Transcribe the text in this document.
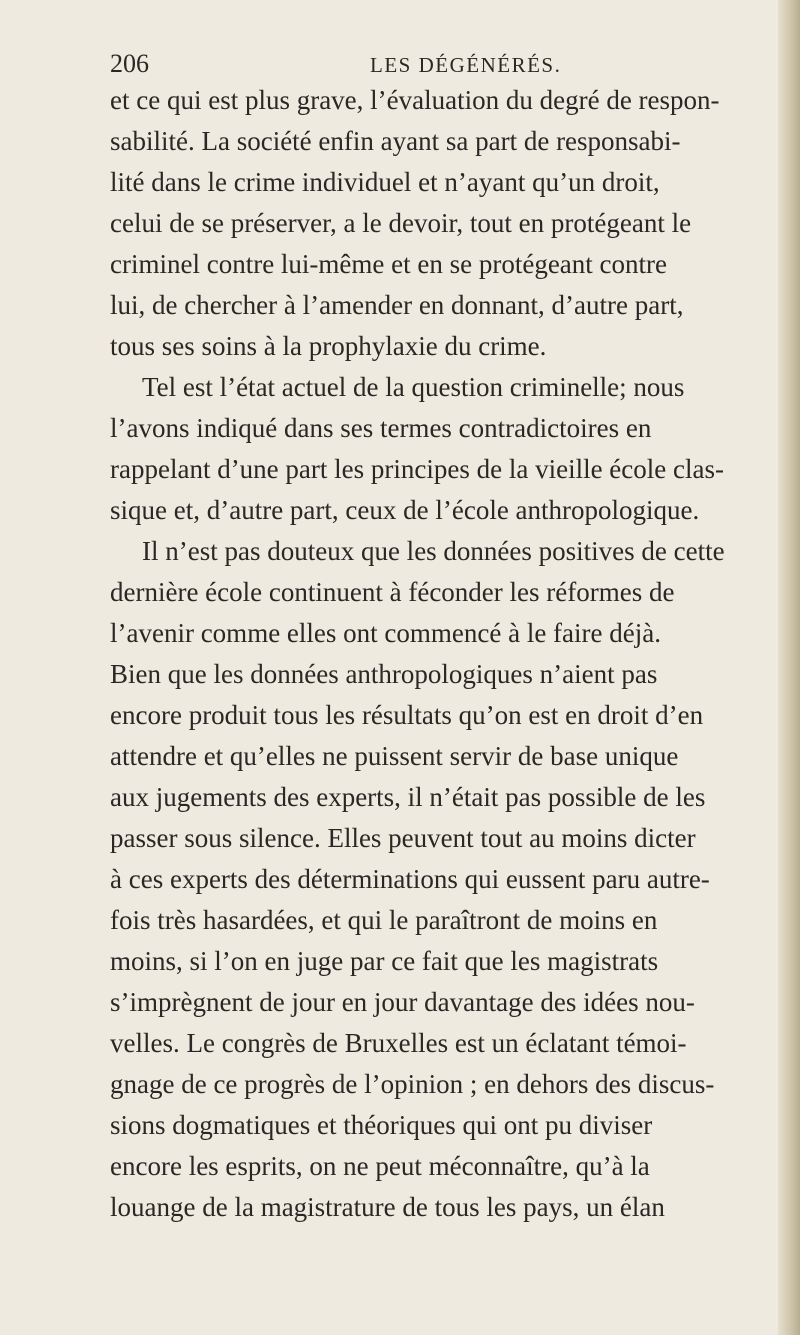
206	LES DÉGÉNÉRÉS.
et ce qui est plus grave, l’évaluation du degré de respon-
sabilité. La société enfin ayant sa part de responsabi-
lité dans le crime individuel et n’ayant qu’un droit,
celui de se préserver, a le devoir, tout en protégeant le
criminel contre lui-même et en se protégeant contre
lui, de chercher à l’amender en donnant, d’autre part,
tous ses soins à la prophylaxie du crime.
Tel est l’état actuel de la question criminelle; nous
l’avons indiqué dans ses termes contradictoires en
rappelant d’une part les principes de la vieille école clas-
sique et, d’autre part, ceux de l’école anthropologique.
Il n’est pas douteux que les données positives de cette
dernière école continuent à féconder les réformes de
l’avenir comme elles ont commencé à le faire déjà.
Bien que les données anthropologiques n’aient pas
encore produit tous les résultats qu’on est en droit d’en
attendre et qu’elles ne puissent servir de base unique
aux jugements des experts, il n’était pas possible de les
passer sous silence. Elles peuvent tout au moins dicter
à ces experts des déterminations qui eussent paru autre-
fois très hasardées, et qui le paraîtront de moins en
moins, si l’on en juge par ce fait que les magistrats
s’imprègnent de jour en jour davantage des idées nou-
velles. Le congrès de Bruxelles est un éclatant témoi-
gnage de ce progrès de l’opinion ; en dehors des discus-
sions dogmatiques et théoriques qui ont pu diviser
encore les esprits, on ne peut méconnaître, qu’à la
louange de la magistrature de tous les pays, un élan
